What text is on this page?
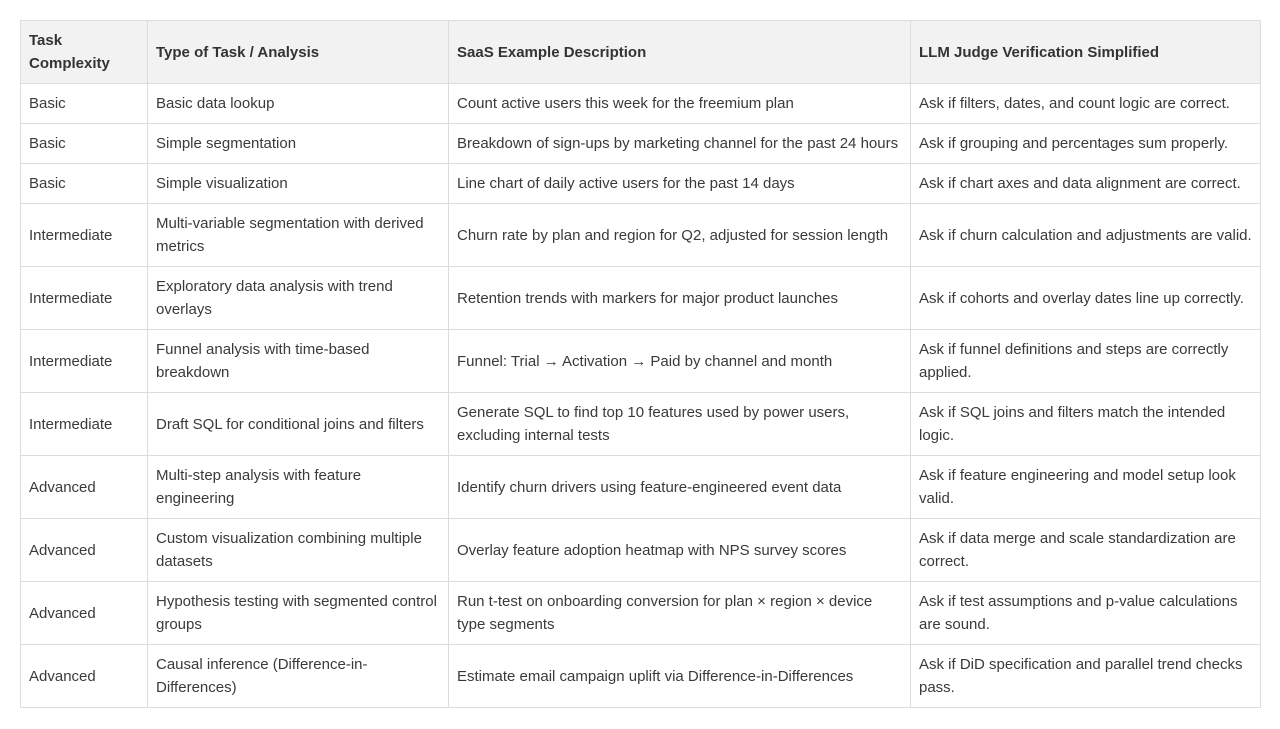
Task Complexity	Type of Task / Analysis	SaaS Example Description	LLM Judge Verification Simplified
Basic	Basic data lookup	Count active users this week for the freemium plan	Ask if filters, dates, and count logic are correct.
Basic	Simple segmentation	Breakdown of sign-ups by marketing channel for the past 24 hours	Ask if grouping and percentages sum properly.
Basic	Simple visualization	Line chart of daily active users for the past 14 days	Ask if chart axes and data alignment are correct.
Intermediate	Multi-variable segmentation with derived metrics	Churn rate by plan and region for Q2, adjusted for session length	Ask if churn calculation and adjustments are valid.
Intermediate	Exploratory data analysis with trend overlays	Retention trends with markers for major product launches	Ask if cohorts and overlay dates line up correctly.
Intermediate	Funnel analysis with time-based breakdown	Funnel: Trial → Activation → Paid by channel and month	Ask if funnel definitions and steps are correctly applied.
Intermediate	Draft SQL for conditional joins and filters	Generate SQL to find top 10 features used by power users, excluding internal tests	Ask if SQL joins and filters match the intended logic.
Advanced	Multi-step analysis with feature engineering	Identify churn drivers using feature-engineered event data	Ask if feature engineering and model setup look valid.
Advanced	Custom visualization combining multiple datasets	Overlay feature adoption heatmap with NPS survey scores	Ask if data merge and scale standardization are correct.
Advanced	Hypothesis testing with segmented control groups	Run t-test on onboarding conversion for plan × region × device type segments	Ask if test assumptions and p-value calculations are sound.
Advanced	Causal inference (Difference-in-Differences)	Estimate email campaign uplift via Difference-in-Differences	Ask if DiD specification and parallel trend checks pass.
